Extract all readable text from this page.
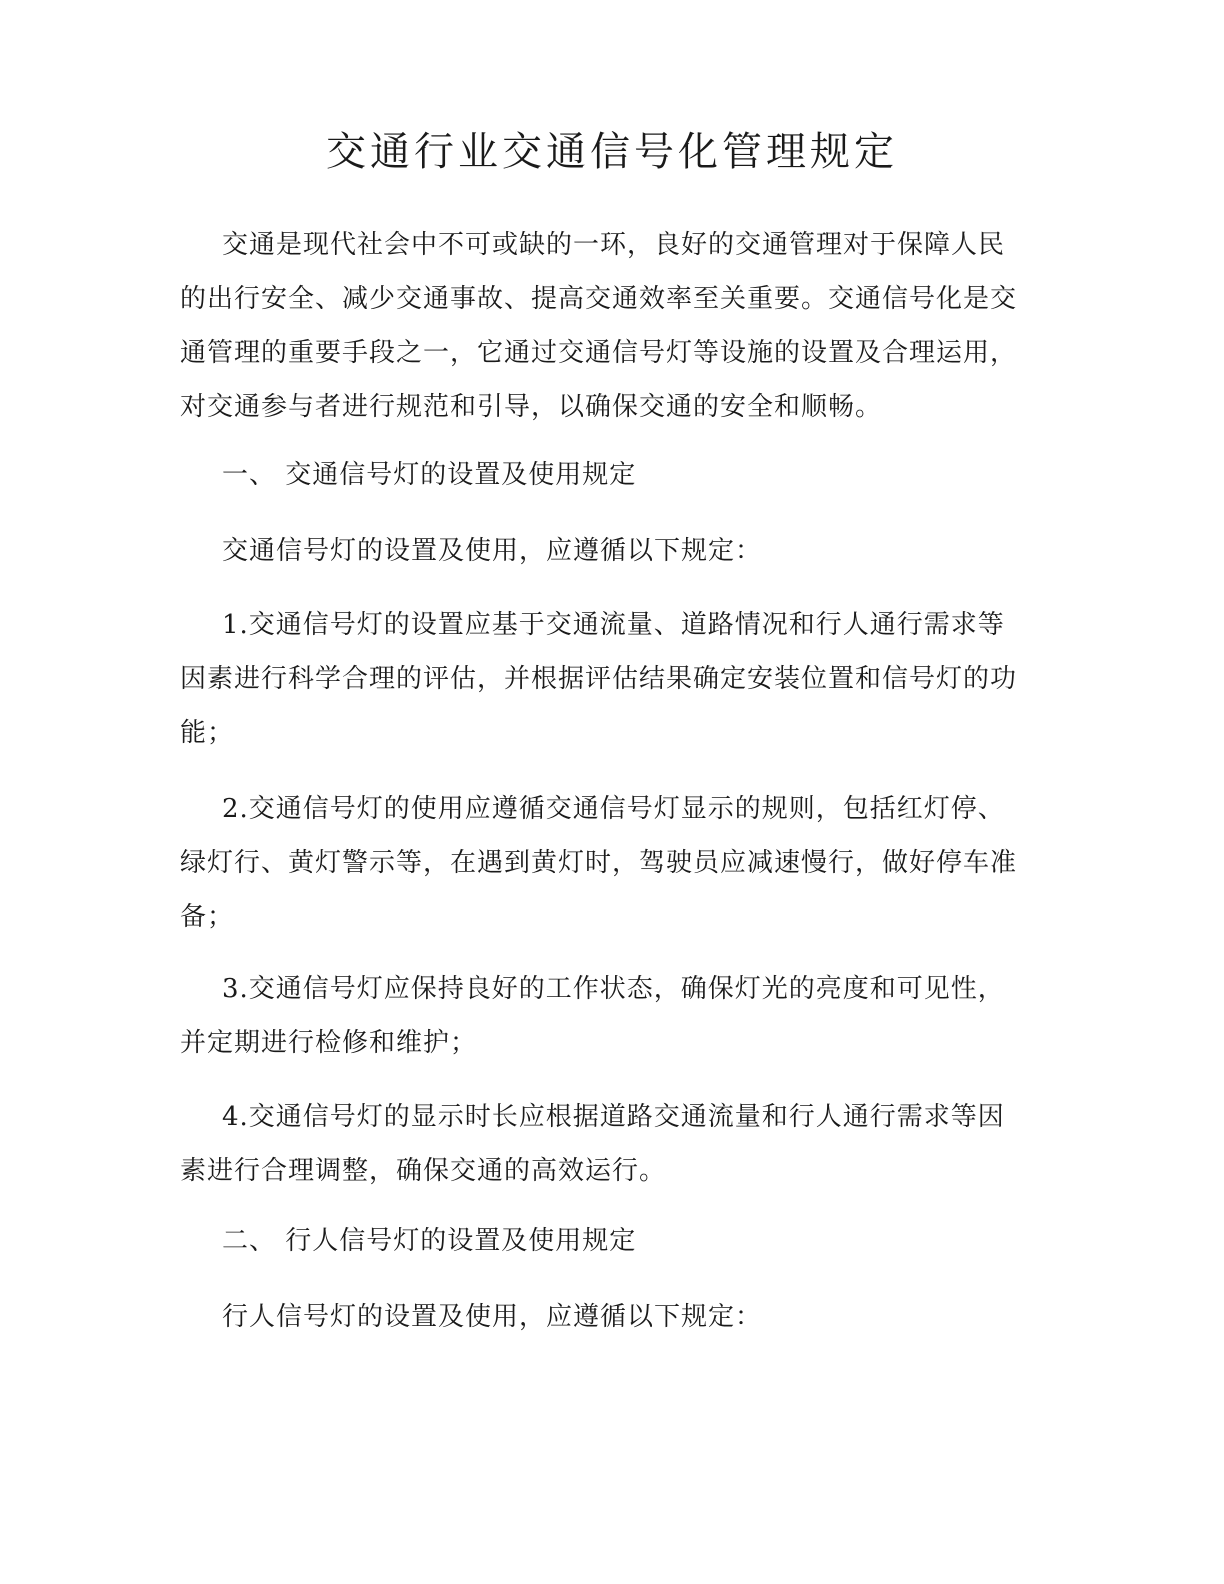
交通行业交通信号化管理规定

交通是现代社会中不可或缺的一环，良好的交通管理对于保障人民的出行安全、减少交通事故、提高交通效率至关重要。交通信号化是交通管理的重要手段之一，它通过交通信号灯等设施的设置及合理运用，对交通参与者进行规范和引导，以确保交通的安全和顺畅。

一、 交通信号灯的设置及使用规定

交通信号灯的设置及使用，应遵循以下规定：

1.交通信号灯的设置应基于交通流量、道路情况和行人通行需求等因素进行科学合理的评估，并根据评估结果确定安装位置和信号灯的功能；

2.交通信号灯的使用应遵循交通信号灯显示的规则，包括红灯停、绿灯行、黄灯警示等，在遇到黄灯时，驾驶员应减速慢行，做好停车准备；

3.交通信号灯应保持良好的工作状态，确保灯光的亮度和可见性，并定期进行检修和维护；

4.交通信号灯的显示时长应根据道路交通流量和行人通行需求等因素进行合理调整，确保交通的高效运行。

二、 行人信号灯的设置及使用规定

行人信号灯的设置及使用，应遵循以下规定：
